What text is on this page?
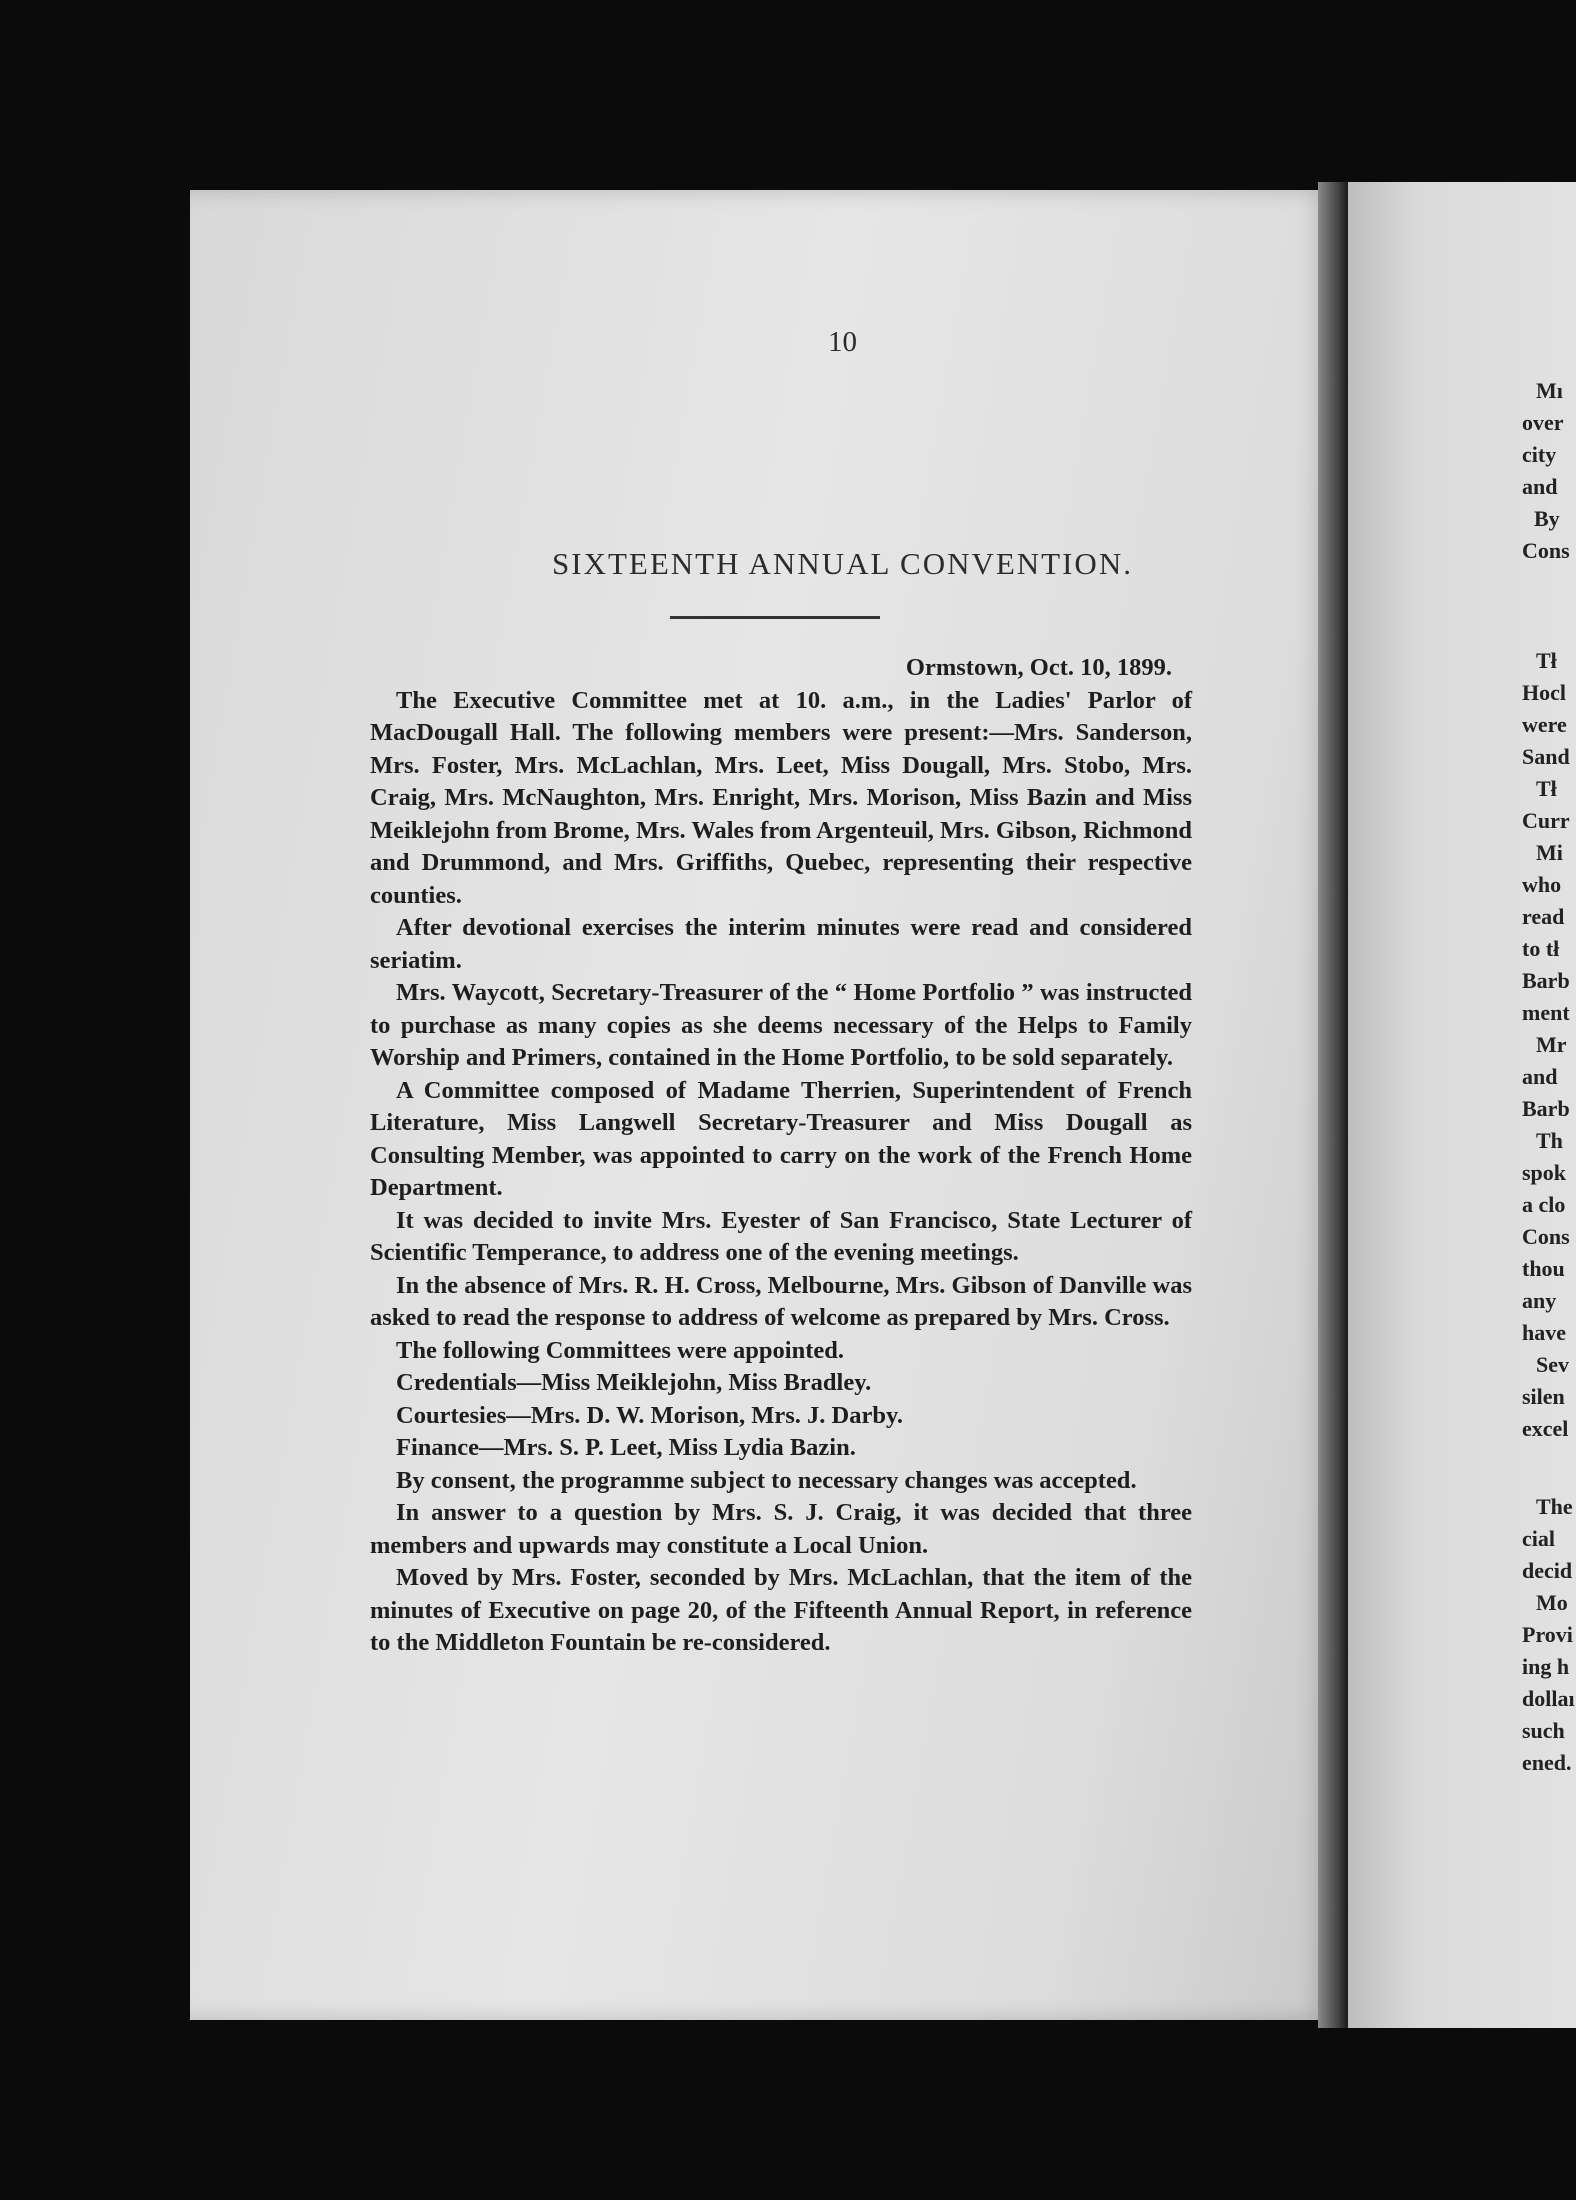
10
SIXTEENTH ANNUAL CONVENTION.
Ormstown, Oct. 10, 1899.

The Executive Committee met at 10. a.m., in the Ladies' Parlor of MacDougall Hall. The following members were present:—Mrs. Sanderson, Mrs. Foster, Mrs. McLachlan, Mrs. Leet, Miss Dougall, Mrs. Stobo, Mrs. Craig, Mrs. McNaughton, Mrs. Enright, Mrs. Morison, Miss Bazin and Miss Meiklejohn from Brome, Mrs. Wales from Argenteuil, Mrs. Gibson, Richmond and Drummond, and Mrs. Griffiths, Quebec, representing their respective counties.

After devotional exercises the interim minutes were read and considered seriatim.

Mrs. Waycott, Secretary-Treasurer of the “ Home Portfolio ” was instructed to purchase as many copies as she deems necessary of the Helps to Family Worship and Primers, contained in the Home Portfolio, to be sold separately.

A Committee composed of Madame Therrien, Superintendent of French Literature, Miss Langwell Secretary-Treasurer and Miss Dougall as Consulting Member, was appointed to carry on the work of the French Home Department.

It was decided to invite Mrs. Eyester of San Francisco, State Lecturer of Scientific Temperance, to address one of the evening meetings.

In the absence of Mrs. R. H. Cross, Melbourne, Mrs. Gibson of Danville was asked to read the response to address of welcome as prepared by Mrs. Cross.

The following Committees were appointed.

Credentials—Miss Meiklejohn, Miss Bradley.

Courtesies—Mrs. D. W. Morison, Mrs. J. Darby.

Finance—Mrs. S. P. Leet, Miss Lydia Bazin.

By consent, the programme subject to necessary changes was accepted.

In answer to a question by Mrs. S. J. Craig, it was decided that three members and upwards may constitute a Local Union.

Moved by Mrs. Foster, seconded by Mrs. McLachlan, that the item of the minutes of Executive on page 20, of the Fifteenth Annual Report, in reference to the Middleton Fountain be re-considered.

Mı
over
city
and
By
Cons
Tł
Hocl
were
Sand
Tł
Curr
Mi
who
read
to tł
Barb
ment
Mr
and
Barb
Th
spok
a clo
Cons
thou
any
have
Sev
silen
excel
The
cial
decid
Mo
Provi
ing h
dollaı
such
ened.
